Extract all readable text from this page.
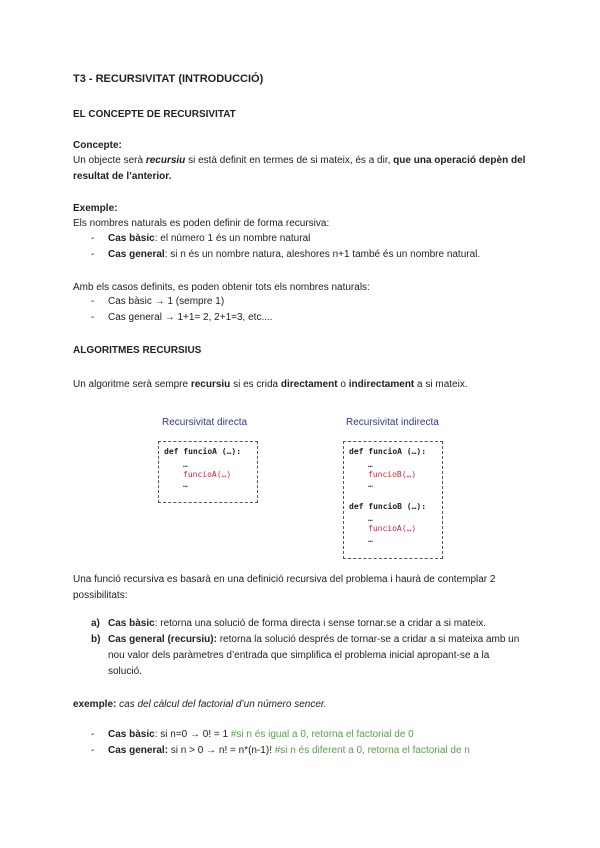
T3 - RECURSIVITAT (INTRODUCCIÓ)
EL CONCEPTE DE RECURSIVITAT
Concepte:
Un objecte serà recursiu si està definit en termes de si mateix, és a dir, que una operació depèn del
resultat de l’anterior.
Exemple:
Els nombres naturals es poden definir de forma recursiva:
- Cas bàsic: el número 1 és un nombre natural
- Cas general: si n és un nombre natura, aleshores n+1 també és un nombre natural.
Amb els casos definits, es poden obtenir tots els nombres naturals:
- Cas bàsic → 1 (sempre 1)
- Cas general → 1+1= 2, 2+1=3, etc....
ALGORITMES RECURSIUS
Un algoritme serà sempre recursiu si es crida directament o indirectament a si mateix.
Recursivitat directa	Recursivitat indirecta
def funcioA (…):
…
funcioA(…)
…
def funcioA (…):
…
funcioB(…)
…
def funcioB (…):
…
funcioA(…)
…
Una funció recursiva es basarà en una definició recursiva del problema i haurà de contemplar 2
possibilitats:
a) Cas bàsic: retorna una solució de forma directa i sense tornar.se a cridar a si mateix.
b) Cas general (recursiu): retorna la solució després de tornar-se a cridar a si mateixa amb un
nou valor dels paràmetres d’entrada que simplifica el problema inicial apropant-se a la
solució.
exemple: cas del càlcul del factorial d’un número sencer.
- Cas bàsic: si n=0 → 0! = 1 #si n és igual a 0, retorna el factorial de 0
- Cas general: si n > 0 → n! = n*(n-1)! #si n és diferent a 0, retorna el factorial de n
